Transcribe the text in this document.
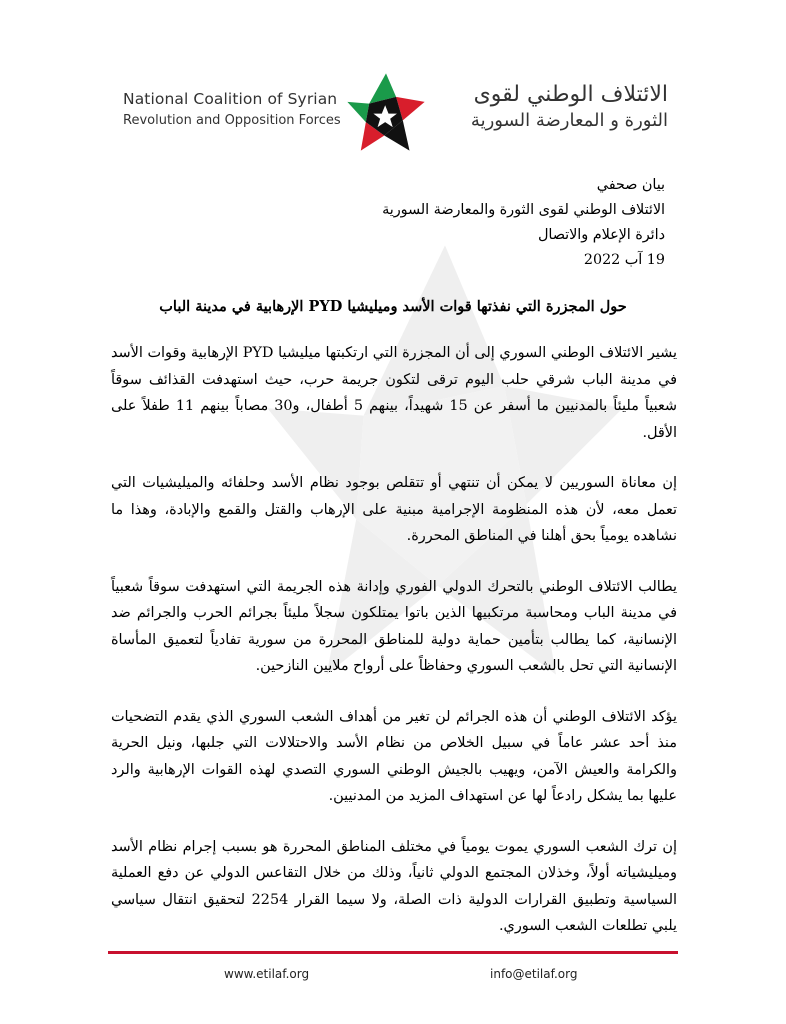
National Coalition of Syrian
Revolution and Opposition Forces
الائتلاف الوطني لقوى
الثورة و المعارضة السورية
بيان صحفي
الائتلاف الوطني لقوى الثورة والمعارضة السورية
دائرة الإعلام والاتصال
19 آب 2022
حول المجزرة التي نفذتها قوات الأسد وميليشيا PYD الإرهابية في مدينة الباب

يشير الائتلاف الوطني السوري إلى أن المجزرة التي ارتكبتها ميليشيا PYD الإرهابية وقوات الأسد في مدينة الباب شرقي حلب اليوم ترقى لتكون جريمة حرب، حيث استهدفت القذائف سوقاً شعبياً مليئاً بالمدنيين ما أسفر عن 15 شهيداً، بينهم 5 أطفال، و30 مصاباً بينهم 11 طفلاً على الأقل.

إن معاناة السوريين لا يمكن أن تنتهي أو تتقلص بوجود نظام الأسد وحلفائه والميليشيات التي تعمل معه، لأن هذه المنظومة الإجرامية مبنية على الإرهاب والقتل والقمع والإبادة، وهذا ما نشاهده يومياً بحق أهلنا في المناطق المحررة.

يطالب الائتلاف الوطني بالتحرك الدولي الفوري وإدانة هذه الجريمة التي استهدفت سوقاً شعبياً في مدينة الباب ومحاسبة مرتكبيها الذين باتوا يمتلكون سجلاً مليئاً بجرائم الحرب والجرائم ضد الإنسانية، كما يطالب بتأمين حماية دولية للمناطق المحررة من سورية تفادياً لتعميق المأساة الإنسانية التي تحل بالشعب السوري وحفاظاً على أرواح ملايين النازحين.

يؤكد الائتلاف الوطني أن هذه الجرائم لن تغير من أهداف الشعب السوري الذي يقدم التضحيات منذ أحد عشر عاماً في سبيل الخلاص من نظام الأسد والاحتلالات التي جلبها، ونيل الحرية والكرامة والعيش الآمن، ويهيب بالجيش الوطني السوري التصدي لهذه القوات الإرهابية والرد عليها بما يشكل رادعاً لها عن استهداف المزيد من المدنيين.

إن ترك الشعب السوري يموت يومياً في مختلف المناطق المحررة هو بسبب إجرام نظام الأسد وميليشياته أولاً، وخذلان المجتمع الدولي ثانياً، وذلك من خلال التقاعس الدولي عن دفع العملية السياسية وتطبيق القرارات الدولية ذات الصلة، ولا سيما القرار 2254 لتحقيق انتقال سياسي يلبي تطلعات الشعب السوري.

www.etilaf.org	info@etilaf.org
